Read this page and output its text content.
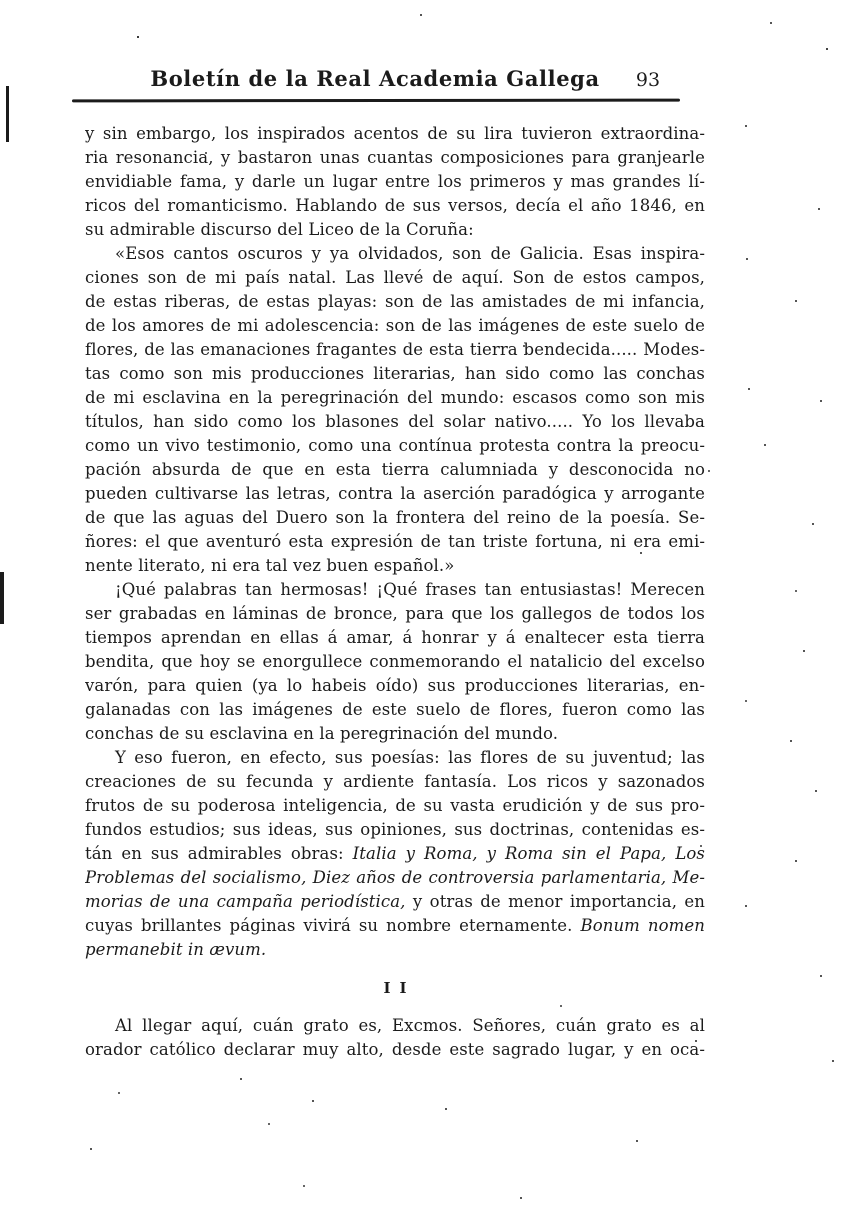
Boletín de la Real Academia Gallega	93
y sin embargo, los inspirados acentos de su lira tuvieron extraordina-
ria resonancia, y bastaron unas cuantas composiciones para granjearle
envidiable fama, y darle un lugar entre los primeros y mas grandes lí-
ricos del romanticismo. Hablando de sus versos, decía el año 1846, en
su admirable discurso del Liceo de la Coruña:
«Esos cantos oscuros y ya olvidados, son de Galicia. Esas inspira-
ciones son de mi país natal. Las llevé de aquí. Son de estos campos,
de estas riberas, de estas playas: son de las amistades de mi infancia,
de los amores de mi adolescencia: son de las imágenes de este suelo de
flores, de las emanaciones fragantes de esta tierra bendecida..... Modes-
tas como son mis producciones literarias, han sido como las conchas
de mi esclavina en la peregrinación del mundo: escasos como son mis
títulos, han sido como los blasones del solar nativo..... Yo los llevaba
como un vivo testimonio, como una contínua protesta contra la preocu-
pación absurda de que en esta tierra calumniada y desconocida no
pueden cultivarse las letras, contra la aserción paradógica y arrogante
de que las aguas del Duero son la frontera del reino de la poesía. Se-
ñores: el que aventuró esta expresión de tan triste fortuna, ni era emi-
nente literato, ni era tal vez buen español.»
¡Qué palabras tan hermosas! ¡Qué frases tan entusiastas! Merecen
ser grabadas en láminas de bronce, para que los gallegos de todos los
tiempos aprendan en ellas á amar, á honrar y á enaltecer esta tierra
bendita, que hoy se enorgullece conmemorando el natalicio del excelso
varón, para quien (ya lo habeis oído) sus producciones literarias, en-
galanadas con las imágenes de este suelo de flores, fueron como las
conchas de su esclavina en la peregrinación del mundo.
Y eso fueron, en efecto, sus poesías: las flores de su juventud; las
creaciones de su fecunda y ardiente fantasía. Los ricos y sazonados
frutos de su poderosa inteligencia, de su vasta erudición y de sus pro-
fundos estudios; sus ideas, sus opiniones, sus doctrinas, contenidas es-
tán en sus admirables obras: Italia y Roma, y Roma sin el Papa, Los
Problemas del socialismo, Diez años de controversia parlamentaria, Me-
morias de una campaña periodística, y otras de menor importancia, en
cuyas brillantes páginas vivirá su nombre eternamente. Bonum nomen
permanebit in ævum.
II
Al llegar aquí, cuán grato es, Excmos. Señores, cuán grato es al
orador católico declarar muy alto, desde este sagrado lugar, y en oca-
